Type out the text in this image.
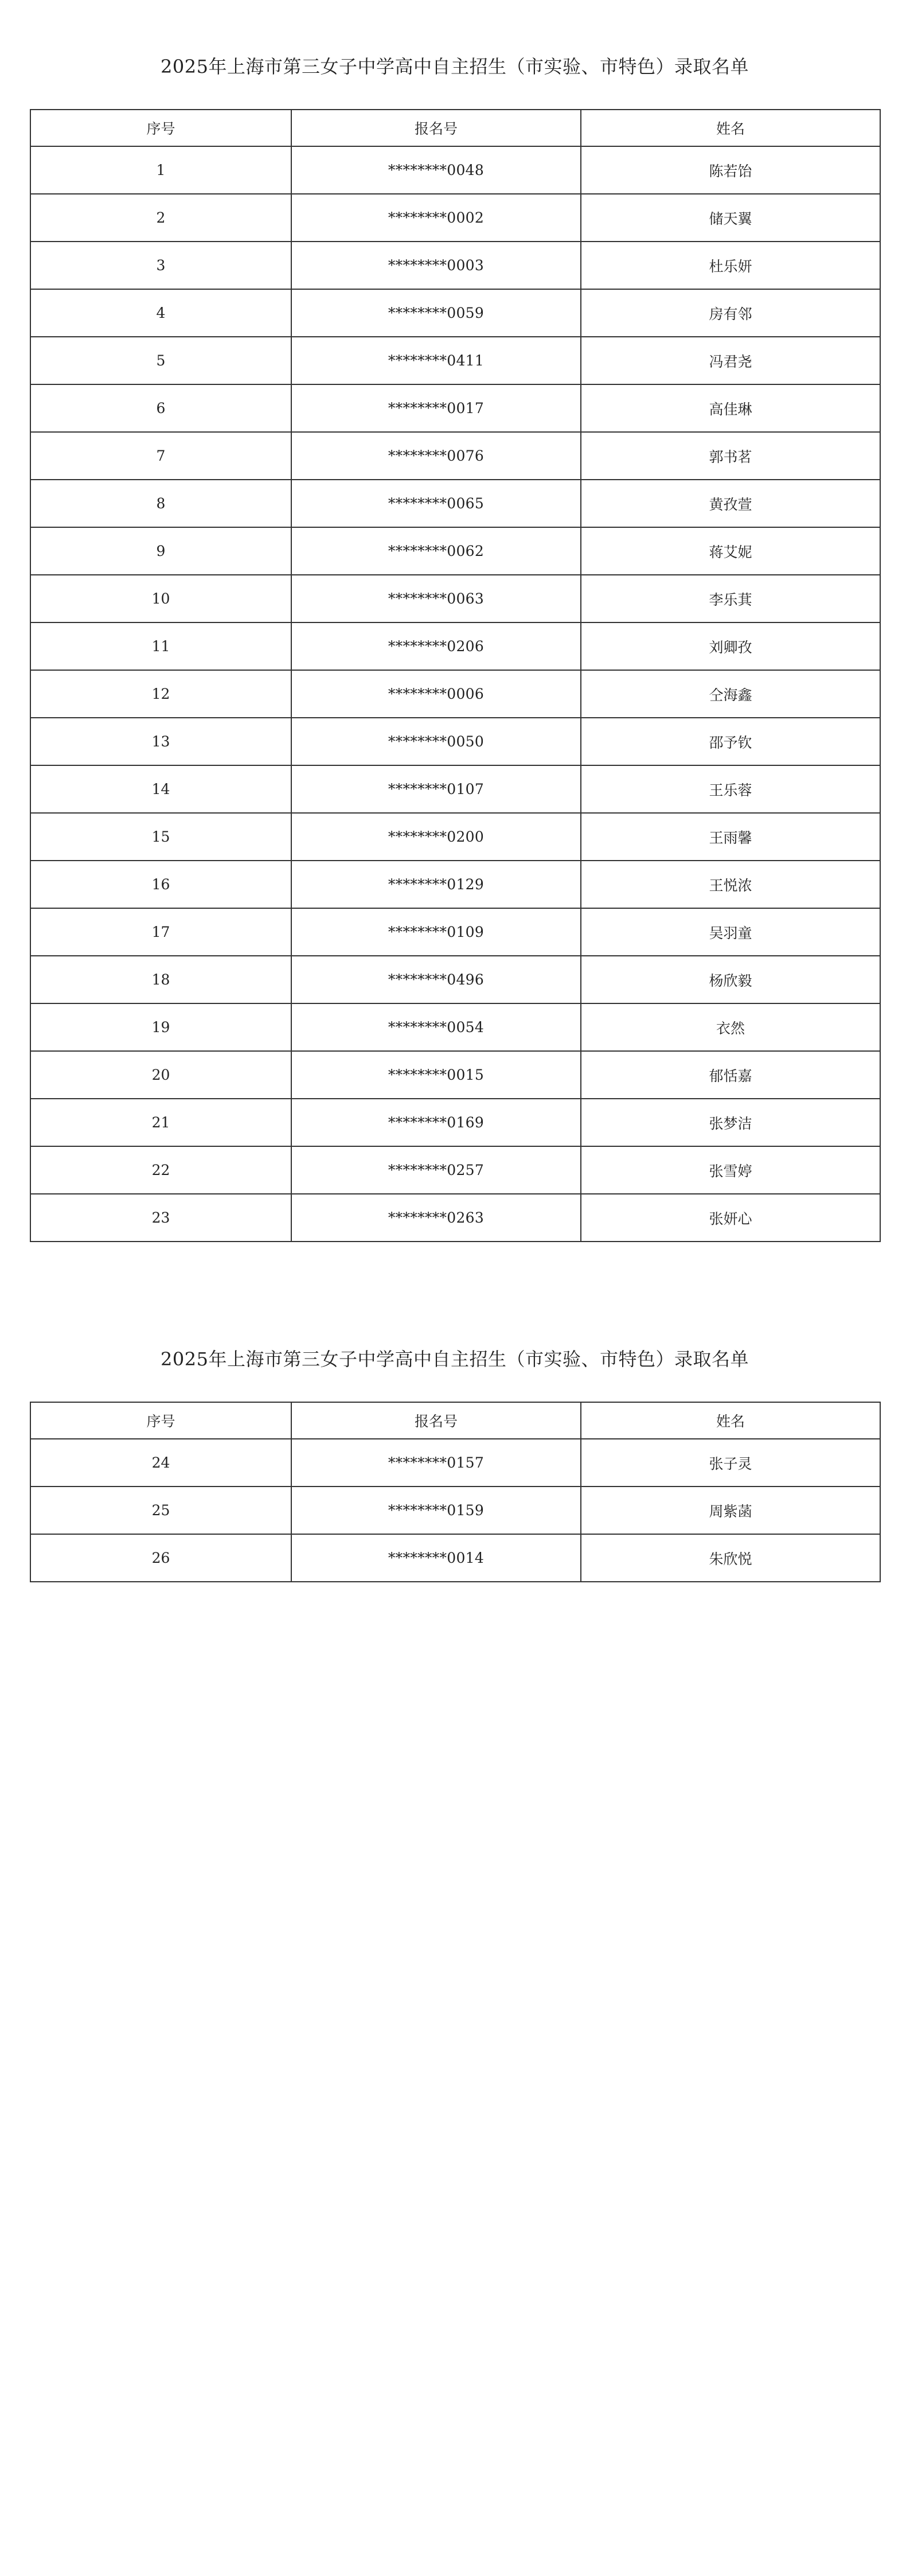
2025年上海市第三女子中学高中自主招生（市实验、市特色）录取名单
序号	报名号	姓名
1	********0048	陈若饴
2	********0002	储天翼
3	********0003	杜乐妍
4	********0059	房有邻
5	********0411	冯君尧
6	********0017	高佳琳
7	********0076	郭书茗
8	********0065	黄孜萱
9	********0062	蒋艾妮
10	********0063	李乐萁
11	********0206	刘卿孜
12	********0006	仝海鑫
13	********0050	邵予钦
14	********0107	王乐蓉
15	********0200	王雨馨
16	********0129	王悦浓
17	********0109	吴羽童
18	********0496	杨欣毅
19	********0054	衣然
20	********0015	郁恬嘉
21	********0169	张梦洁
22	********0257	张雪婷
23	********0263	张妍心
2025年上海市第三女子中学高中自主招生（市实验、市特色）录取名单
序号	报名号	姓名
24	********0157	张子灵
25	********0159	周紫菡
26	********0014	朱欣悦
